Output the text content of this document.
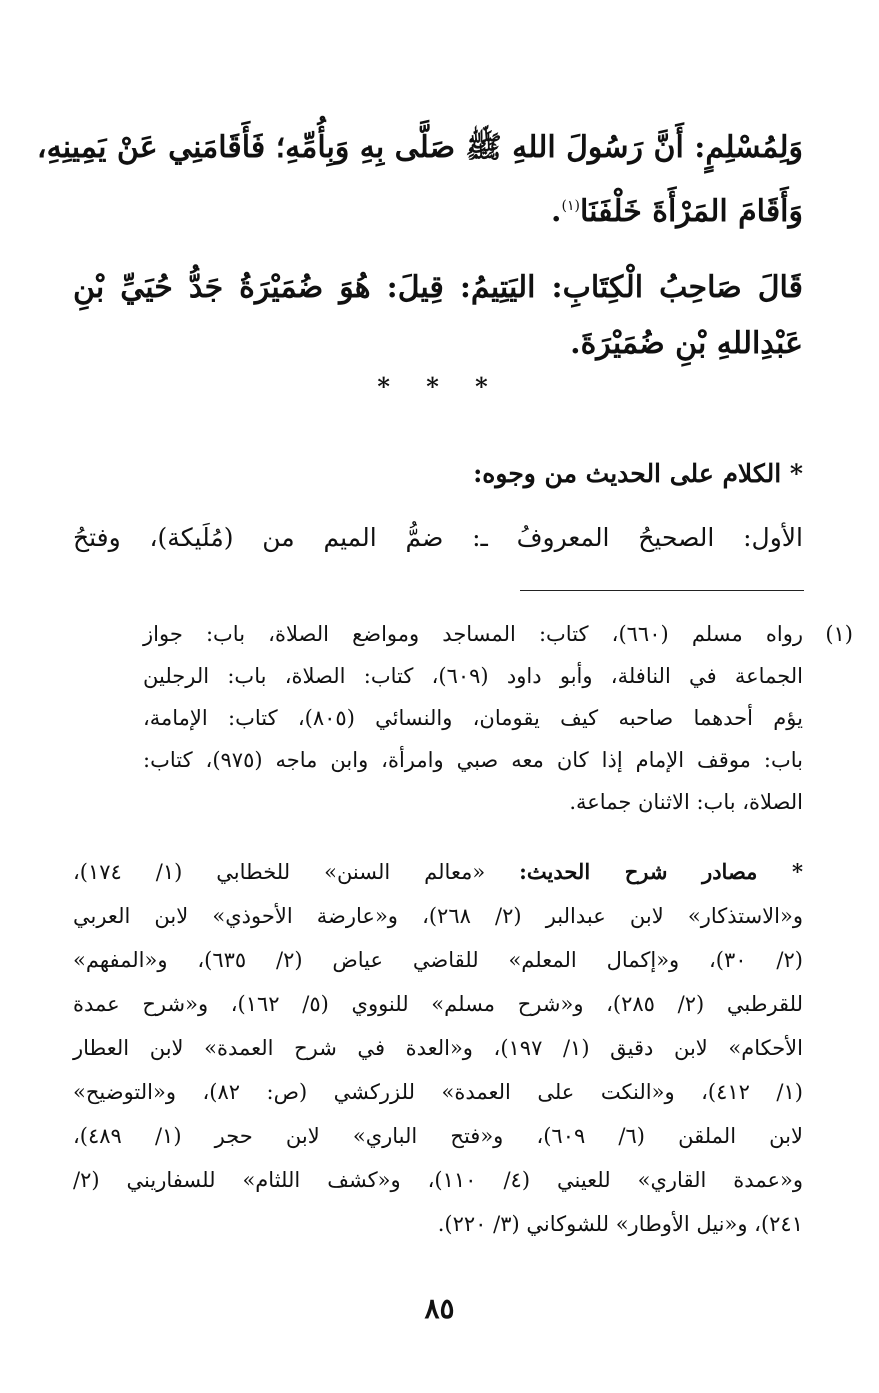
وَلِمُسْلِمٍ: أَنَّ رَسُولَ اللهِ ﷺ صَلَّى بِهِ وَبِأُمِّهِ؛ فَأَقَامَنِي عَنْ يَمِينِهِ،
وَأَقَامَ المَرْأَةَ خَلْفَنَا$^{(١)}$.
قَالَ صَاحِبُ الْكِتَابِ: اليَتِيمُ: قِيلَ: هُوَ ضُمَيْرَةُ جَدُّ حُيَيِّ بْنِ
عَبْدِاللهِ بْنِ ضُمَيْرَةَ.
* * *
* الكلام على الحديث من وجوه:
الأول: الصحيحُ المعروفُ ـ: ضمُّ الميم من (مُلَيكة)، وفتحُ
(١)
رواه مسلم (٦٦٠)، كتاب: المساجد ومواضع الصلاة، باب: جواز
الجماعة في النافلة، وأبو داود (٦٠٩)، كتاب: الصلاة، باب: الرجلين
يؤم أحدهما صاحبه كيف يقومان، والنسائي (٨٠٥)، كتاب: الإمامة،
باب: موقف الإمام إذا كان معه صبي وامرأة، وابن ماجه (٩٧٥)، كتاب:
الصلاة، باب: الاثنان جماعة.
* مصادر شرح الحديث: «معالم السنن» للخطابي (١/ ١٧٤)،
و«الاستذكار» لابن عبدالبر (٢/ ٢٦٨)، و«عارضة الأحوذي» لابن العربي
(٢/ ٣٠)، و«إكمال المعلم» للقاضي عياض (٢/ ٦٣٥)، و«المفهم»
للقرطبي (٢/ ٢٨٥)، و«شرح مسلم» للنووي (٥/ ١٦٢)، و«شرح عمدة
الأحكام» لابن دقيق (١/ ١٩٧)، و«العدة في شرح العمدة» لابن العطار
(١/ ٤١٢)، و«النكت على العمدة» للزركشي (ص: ٨٢)، و«التوضيح»
لابن الملقن (٦/ ٦٠٩)، و«فتح الباري» لابن حجر (١/ ٤٨٩)،
و«عمدة القاري» للعيني (٤/ ١١٠)، و«كشف اللثام» للسفاريني (٢/
٢٤١)، و«نيل الأوطار» للشوكاني (٣/ ٢٢٠).
٨٥
